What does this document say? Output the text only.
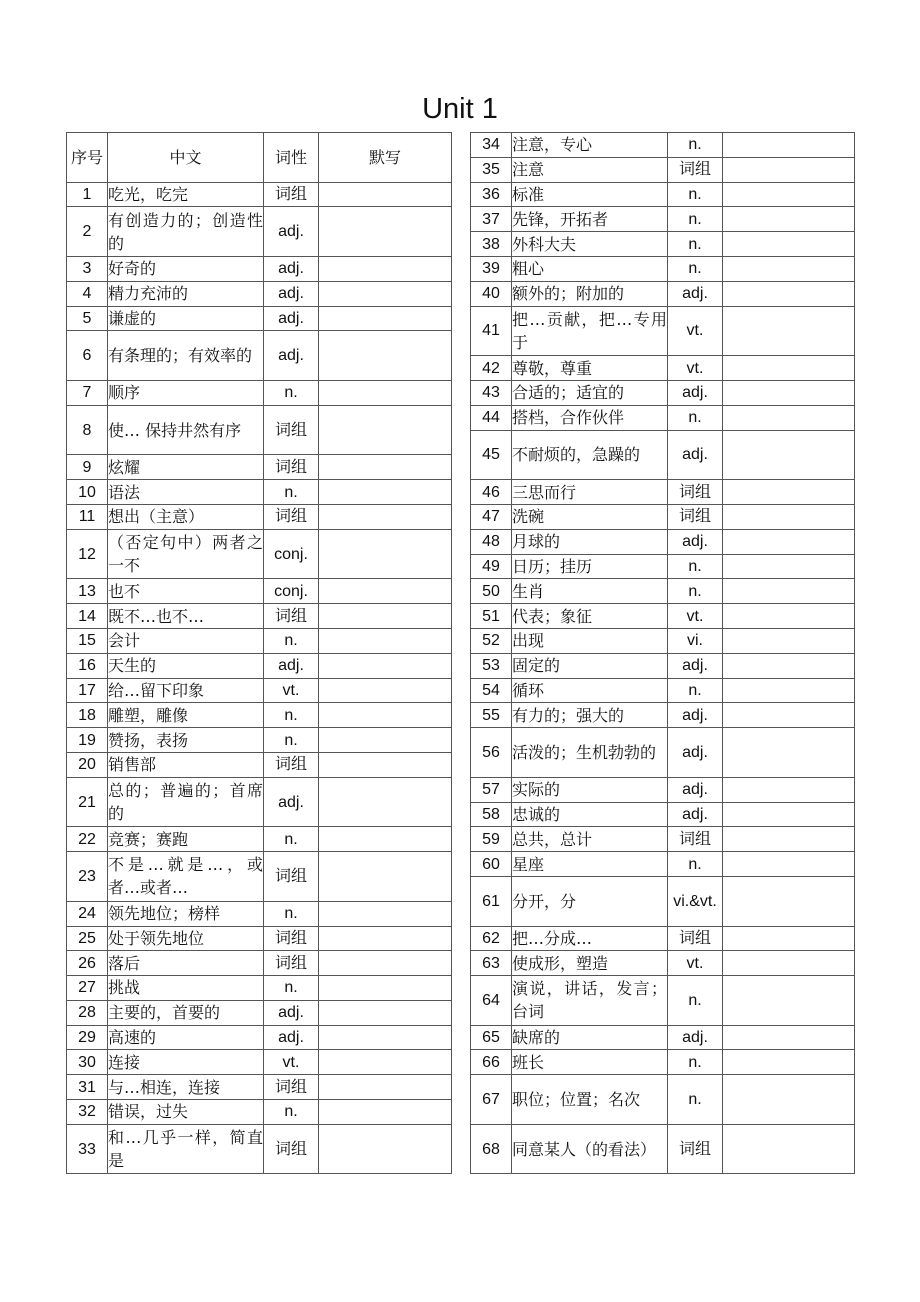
Unit 1
序号	中文	词性	默写
1	吃光，吃完	词组	
2	有创造力的；创造性的	adj.	
3	好奇的	adj.	
4	精力充沛的	adj.	
5	谦虚的	adj.	
6	有条理的；有效率的	adj.	
7	顺序	n.	
8	使… 保持井然有序	词组	
9	炫耀	词组	
10	语法	n.	
11	想出（主意）	词组	
12	（否定句中）两者之一不	conj.	
13	也不	conj.	
14	既不…也不…	词组	
15	会计	n.	
16	天生的	adj.	
17	给…留下印象	vt.	
18	雕塑，雕像	n.	
19	赞扬，表扬	n.	
20	销售部	词组	
21	总的；普遍的；首席的	adj.	
22	竞赛；赛跑	n.	
23	不是…就是…，或者…或者…	词组	
24	领先地位；榜样	n.	
25	处于领先地位	词组	
26	落后	词组	
27	挑战	n.	
28	主要的，首要的	adj.	
29	高速的	adj.	
30	连接	vt.	
31	与…相连，连接	词组	
32	错误，过失	n.	
33	和…几乎一样，简直是	词组	
34	注意，专心	n.	
35	注意	词组	
36	标准	n.	
37	先锋，开拓者	n.	
38	外科大夫	n.	
39	粗心	n.	
40	额外的；附加的	adj.	
41	把…贡献，把…专用于	vt.	
42	尊敬，尊重	vt.	
43	合适的；适宜的	adj.	
44	搭档，合作伙伴	n.	
45	不耐烦的，急躁的	adj.	
46	三思而行	词组	
47	洗碗	词组	
48	月球的	adj.	
49	日历；挂历	n.	
50	生肖	n.	
51	代表；象征	vt.	
52	出现	vi.	
53	固定的	adj.	
54	循环	n.	
55	有力的；强大的	adj.	
56	活泼的；生机勃勃的	adj.	
57	实际的	adj.	
58	忠诚的	adj.	
59	总共，总计	词组	
60	星座	n.	
61	分开，分	vi.&vt.	
62	把…分成…	词组	
63	使成形，塑造	vt.	
64	演说，讲话，发言；台词	n.	
65	缺席的	adj.	
66	班长	n.	
67	职位；位置；名次	n.	
68	同意某人（的看法）	词组	
